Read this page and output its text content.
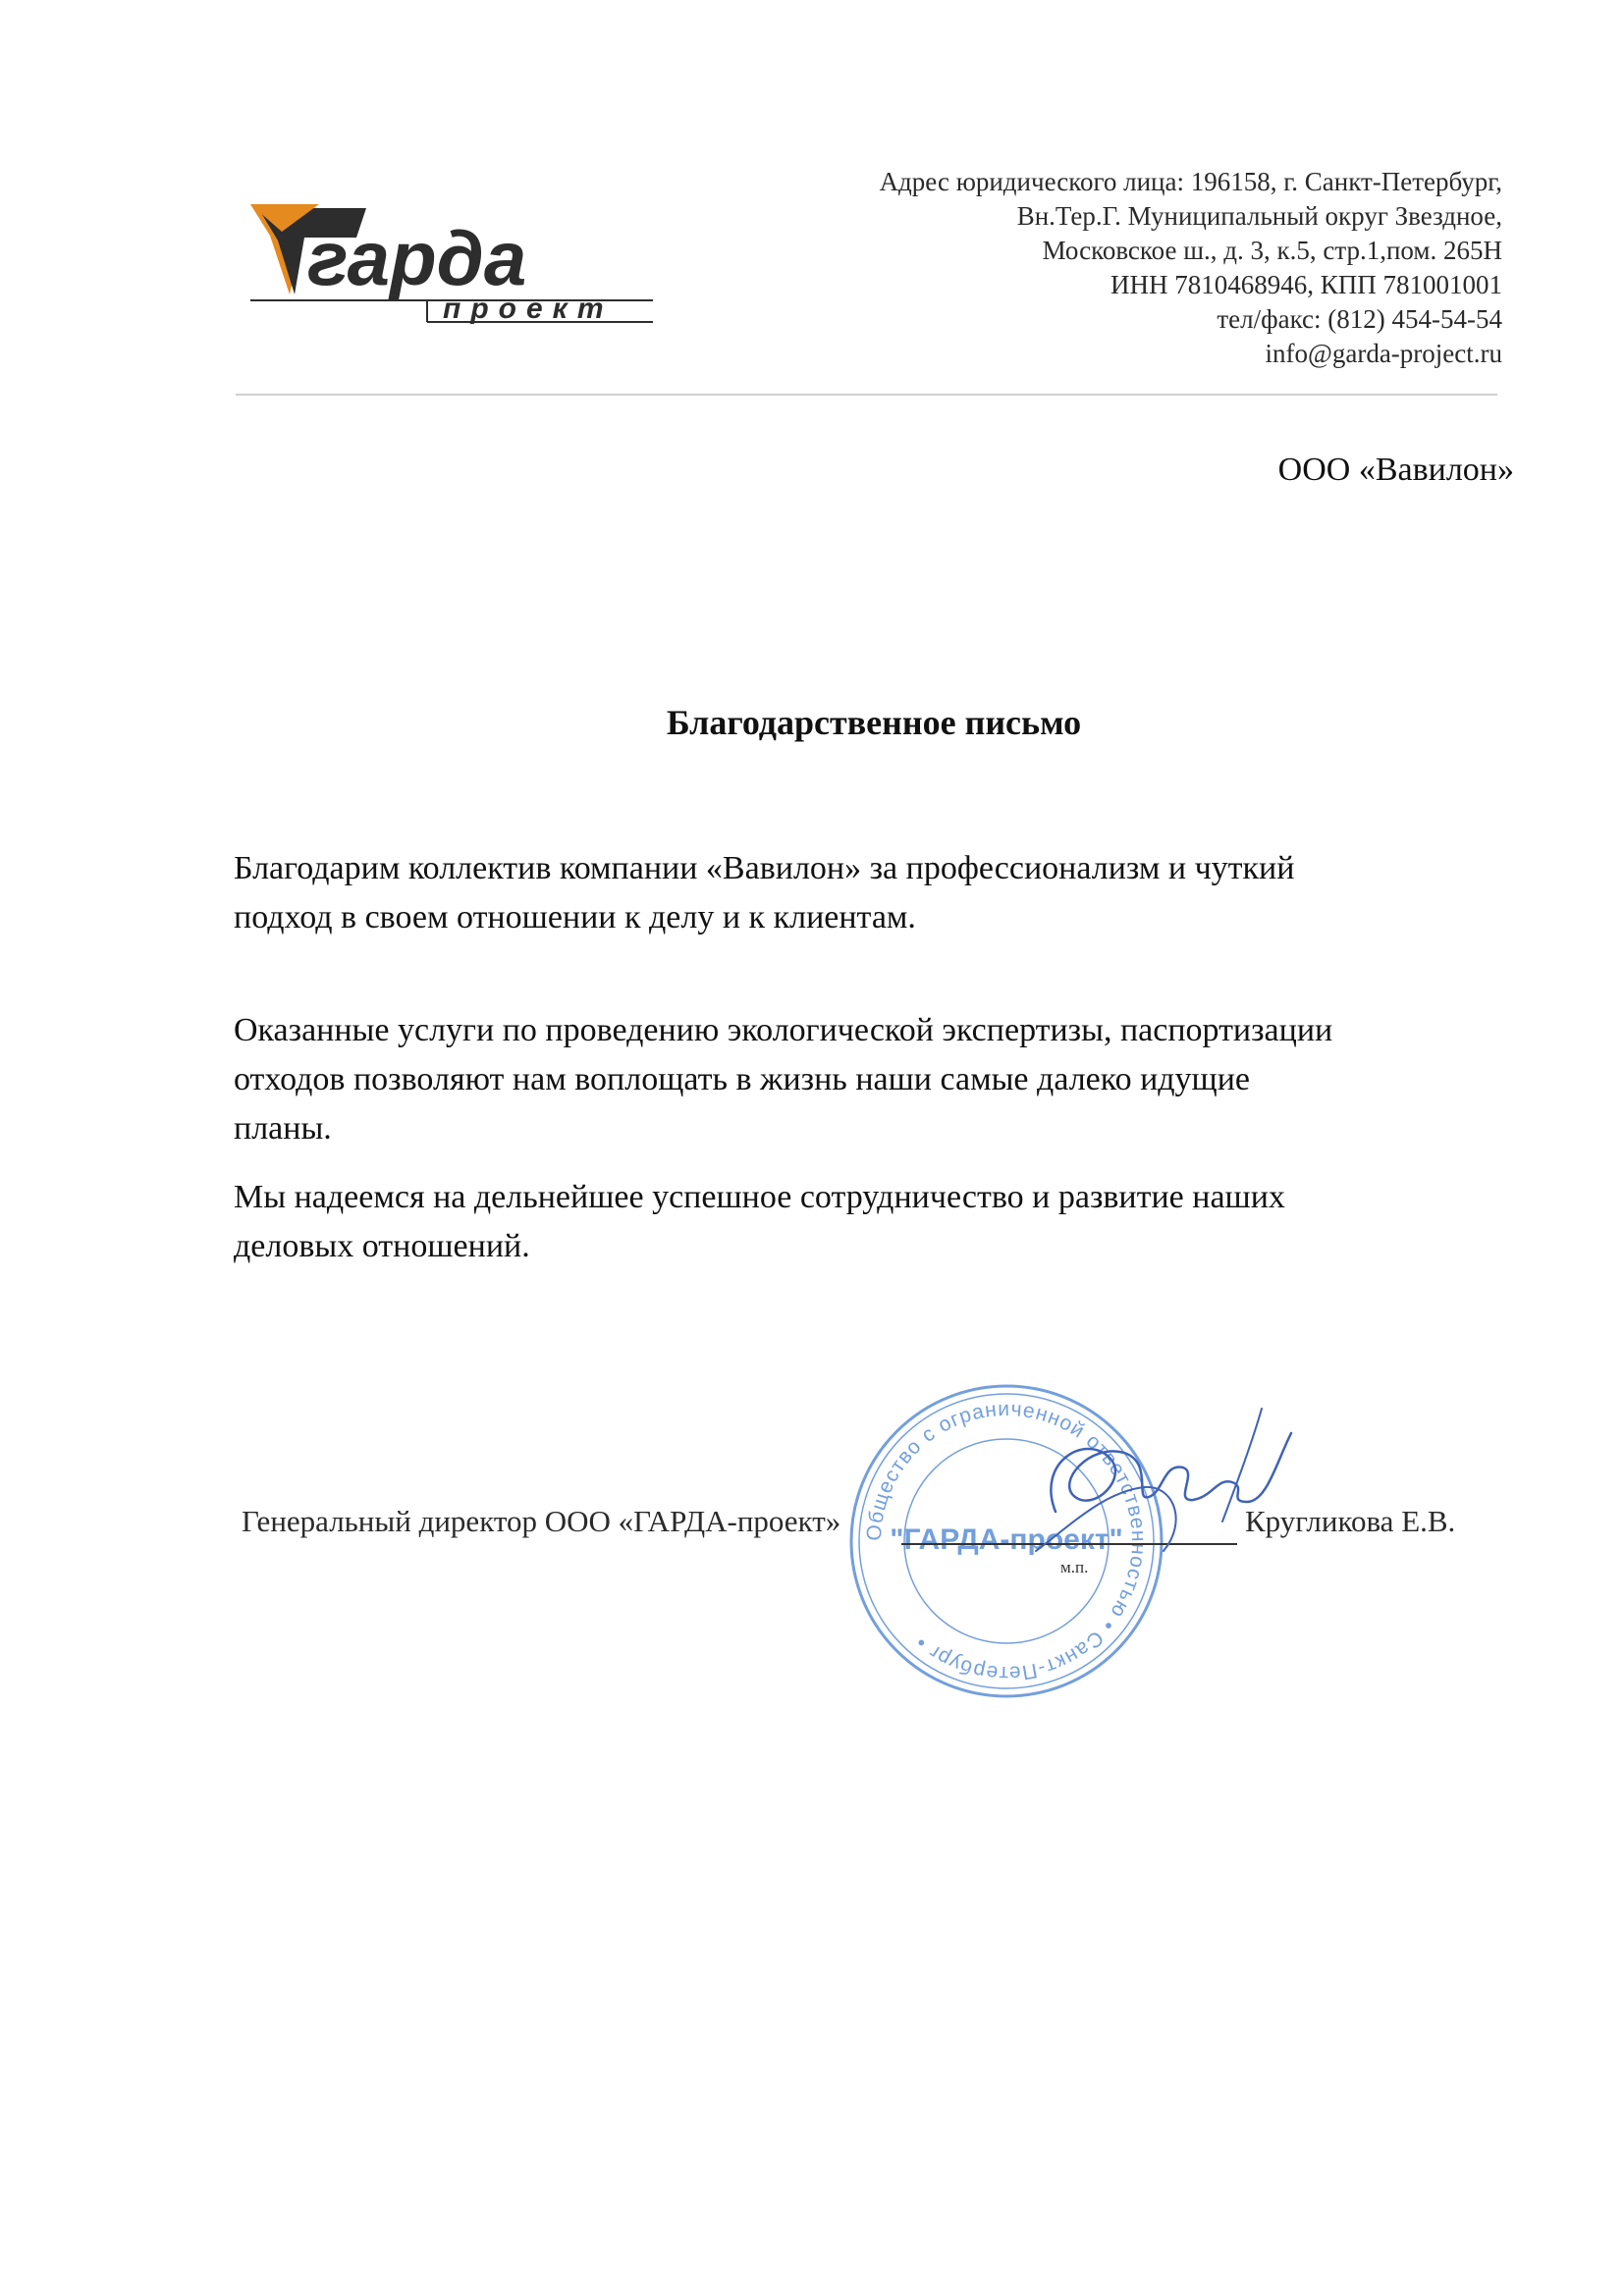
гарда
проект
Адрес юридического лица: 196158, г. Санкт-Петербург,
Вн.Тер.Г. Муниципальный округ Звездное,
Московское ш., д. 3, к.5, стр.1,пом. 265Н
ИНН 7810468946, КПП 781001001
тел/факс: (812) 454-54-54
info@garda-project.ru
ООО «Вавилон»
Благодарственное письмо
Благодарим коллектив компании «Вавилон» за профессионализм и чуткий
подход в своем отношении к делу и к клиентам.
Оказанные услуги по проведению экологической экспертизы, паспортизации
отходов позволяют нам воплощать в жизнь наши самые далеко идущие
планы.
Мы надеемся на дельнейшее успешное сотрудничество и развитие наших
деловых отношений.
Общество с ограниченной ответственностью • Санкт-Петербург •
"ГАРДА-проект"
Генеральный директор ООО «ГАРДА-проект»
м.п.
Кругликова Е.В.
